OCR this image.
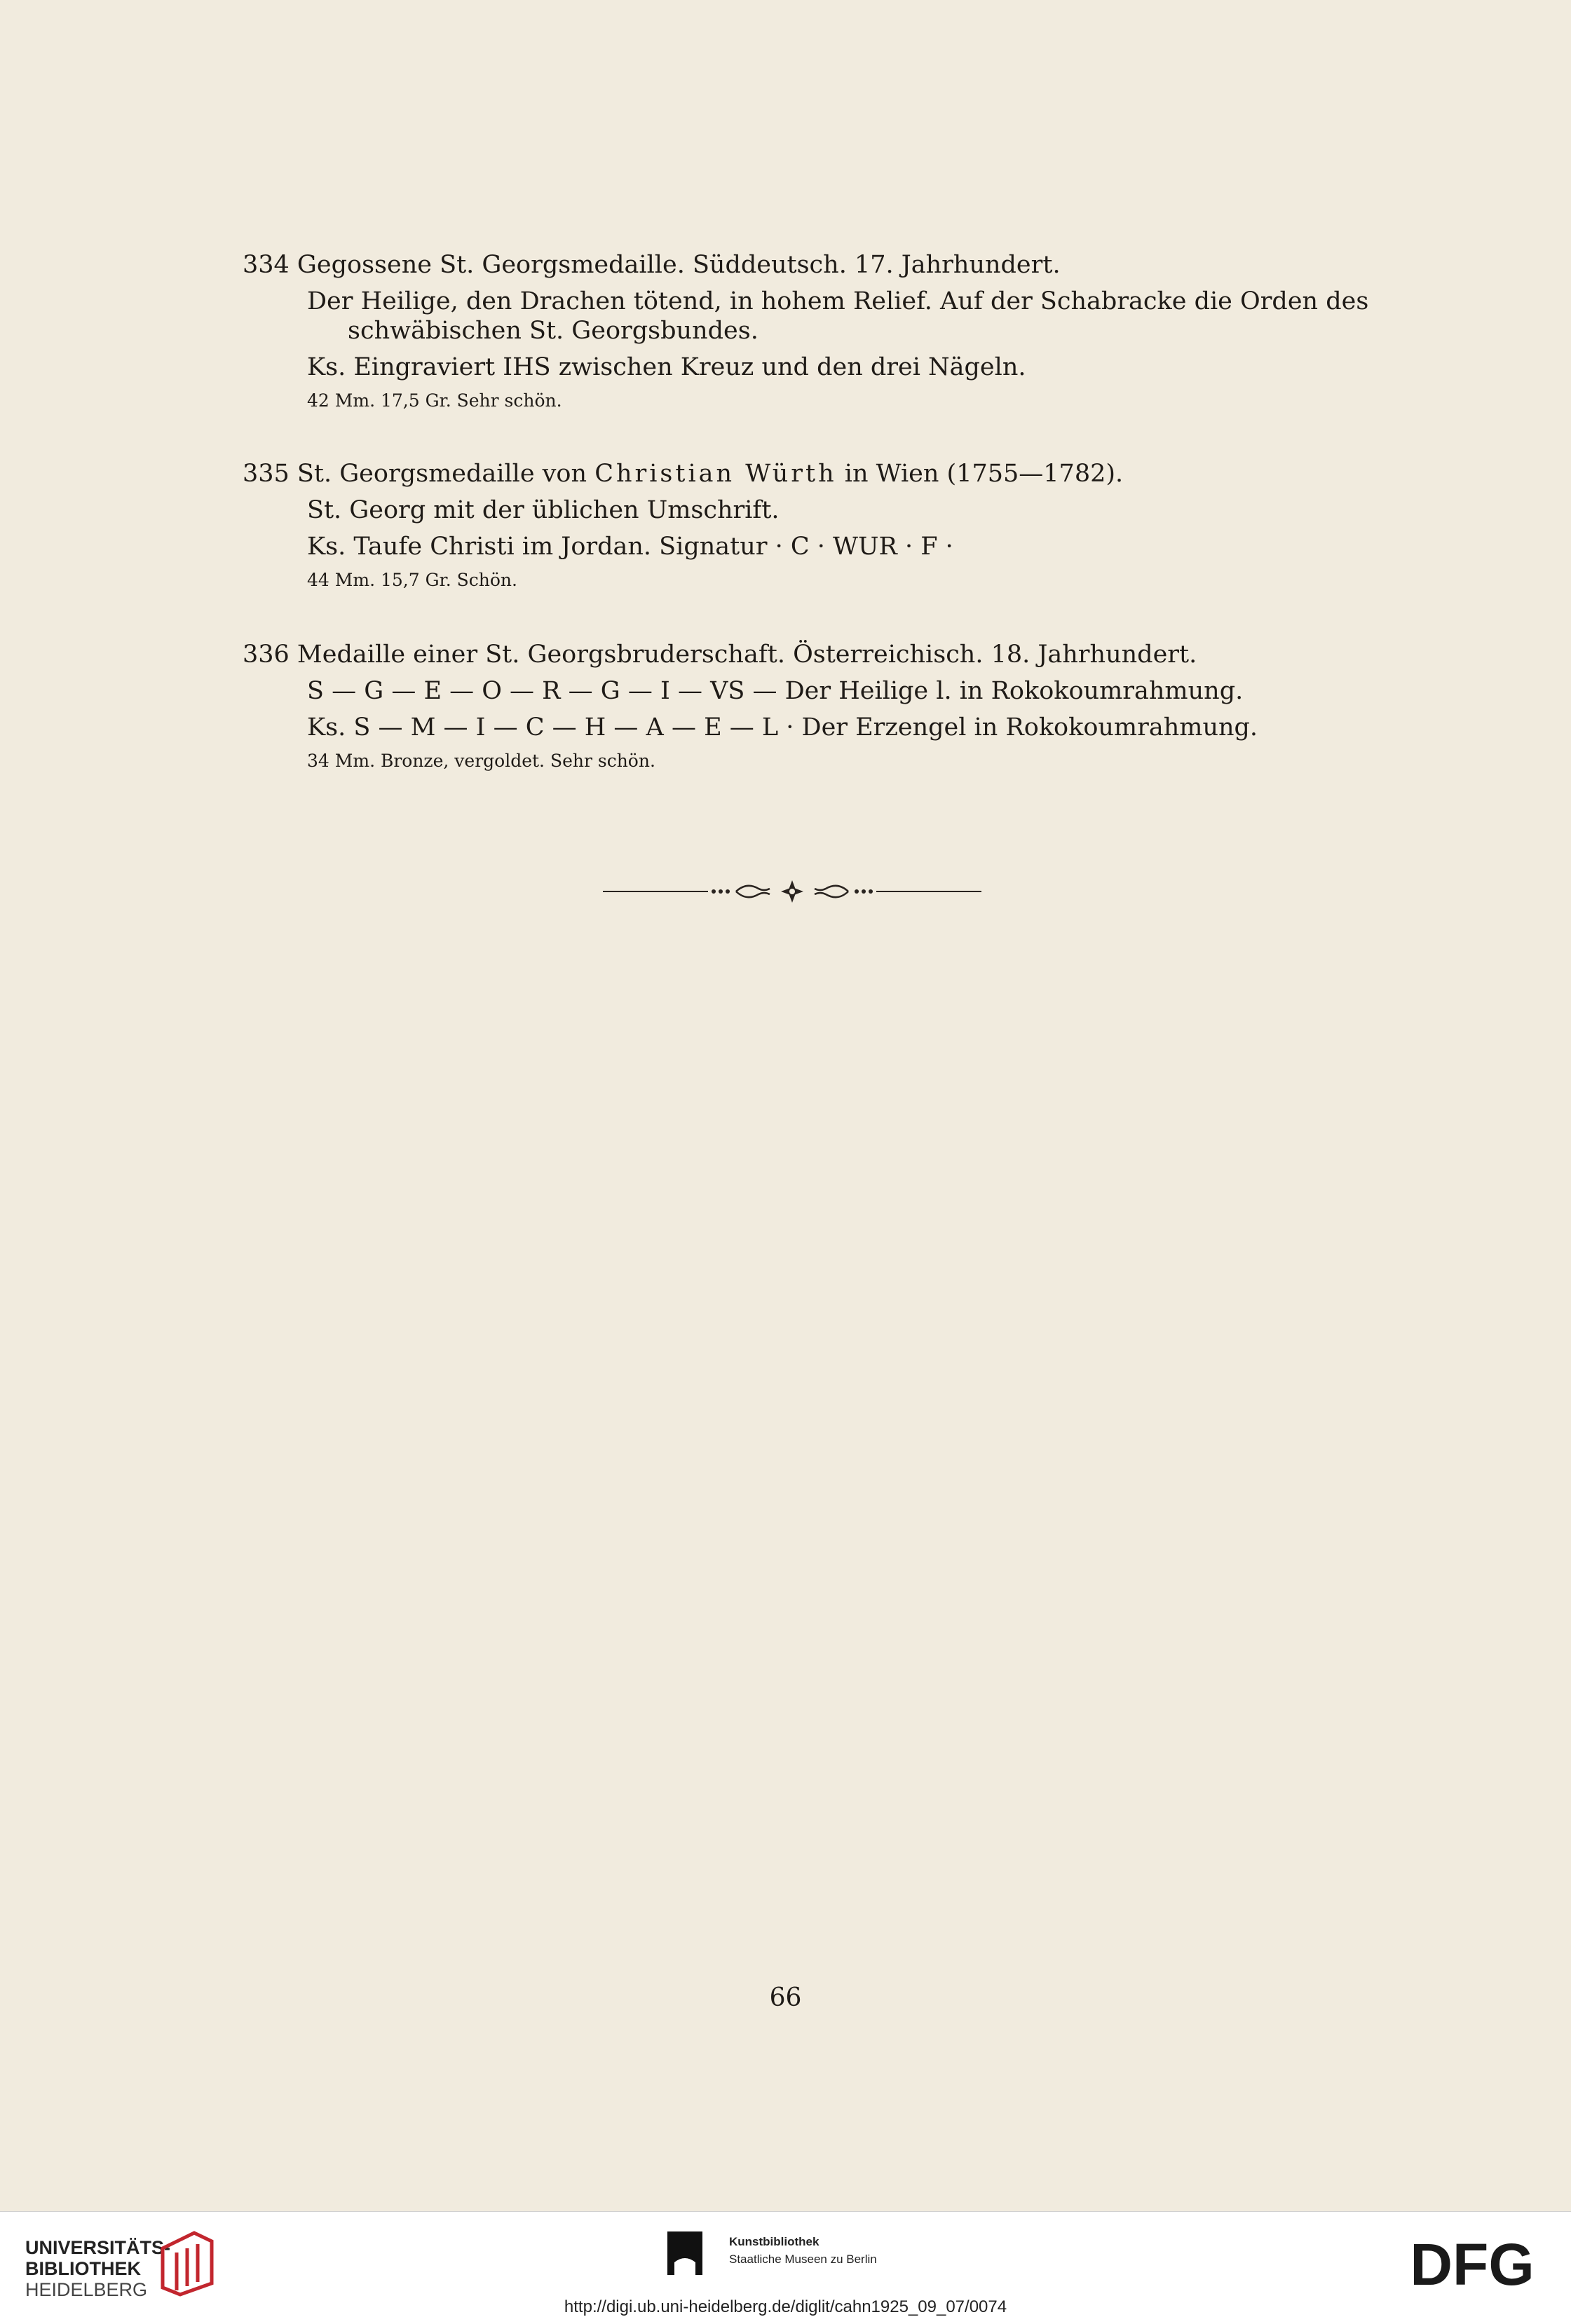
334 Gegossene St. Georgsmedaille. Süddeutsch. 17. Jahrhundert.
Der Heilige, den Drachen tötend, in hohem Relief. Auf der Schabracke die Orden des
schwäbischen St. Georgsbundes.
Ks. Eingraviert IHS zwischen Kreuz und den drei Nägeln.
42 Mm. 17,5 Gr. Sehr schön.
335 St. Georgsmedaille von Christian Würth in Wien (1755—1782).
St. Georg mit der üblichen Umschrift.
Ks. Taufe Christi im Jordan. Signatur · C · WUR · F ·
44 Mm. 15,7 Gr. Schön.
336 Medaille einer St. Georgsbruderschaft. Österreichisch. 18. Jahrhundert.
S — G — E — O — R — G — I — VS — Der Heilige l. in Rokokoumrahmung.
Ks. S — M — I — C — H — A — E — L · Der Erzengel in Rokokoumrahmung.
34 Mm. Bronze, vergoldet. Sehr schön.
66
UNIVERSITÄTS-
BIBLIOTHEK
HEIDELBERG
Kunstbibliothek
Staatliche Museen zu Berlin	DFG
http://digi.ub.uni-heidelberg.de/diglit/cahn1925_09_07/0074
